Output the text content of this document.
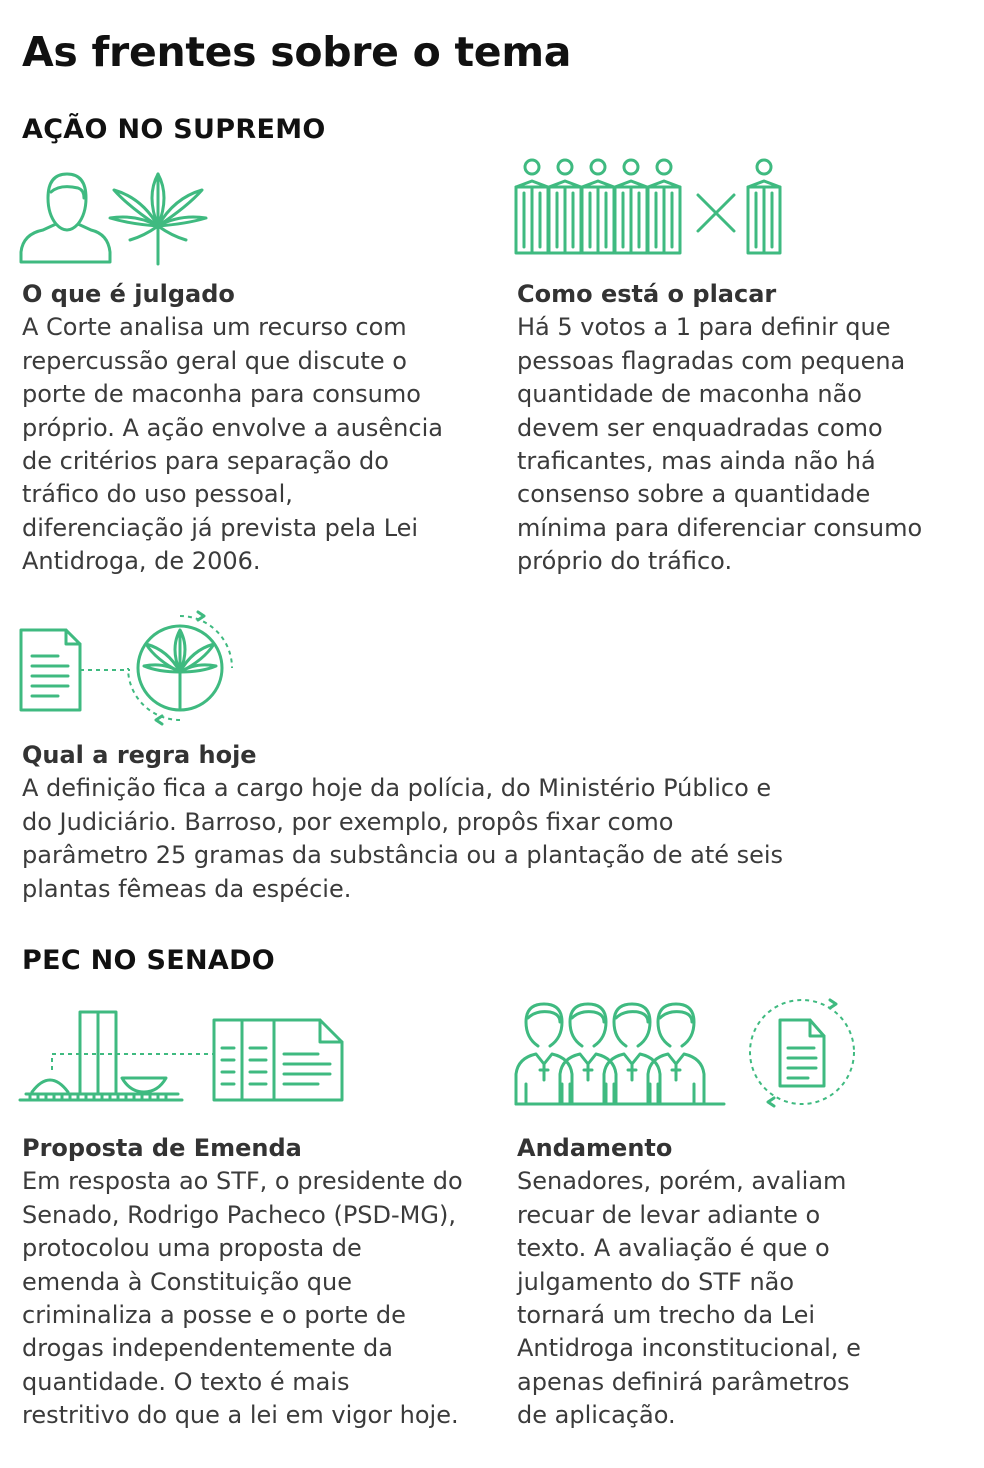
As frentes sobre o tema
AÇÃO NO SUPREMO
O que é julgado
A Corte analisa um recurso com
repercussão geral que discute o
porte de maconha para consumo
próprio. A ação envolve a ausência
de critérios para separação do
tráfico do uso pessoal,
diferenciação já prevista pela Lei
Antidroga, de 2006.
Como está o placar
Há 5 votos a 1 para definir que
pessoas flagradas com pequena
quantidade de maconha não
devem ser enquadradas como
traficantes, mas ainda não há
consenso sobre a quantidade
mínima para diferenciar consumo
próprio do tráfico.
Qual a regra hoje
A definição fica a cargo hoje da polícia, do Ministério Público e
do Judiciário. Barroso, por exemplo, propôs fixar como
parâmetro 25 gramas da substância ou a plantação de até seis
plantas fêmeas da espécie.
PEC NO SENADO
Proposta de Emenda
Em resposta ao STF, o presidente do
Senado, Rodrigo Pacheco (PSD-MG),
protocolou uma proposta de
emenda à Constituição que
criminaliza a posse e o porte de
drogas independentemente da
quantidade. O texto é mais
restritivo do que a lei em vigor hoje.
Andamento
Senadores, porém, avaliam
recuar de levar adiante o
texto. A avaliação é que o
julgamento do STF não
tornará um trecho da Lei
Antidroga inconstitucional, e
apenas definirá parâmetros
de aplicação.
